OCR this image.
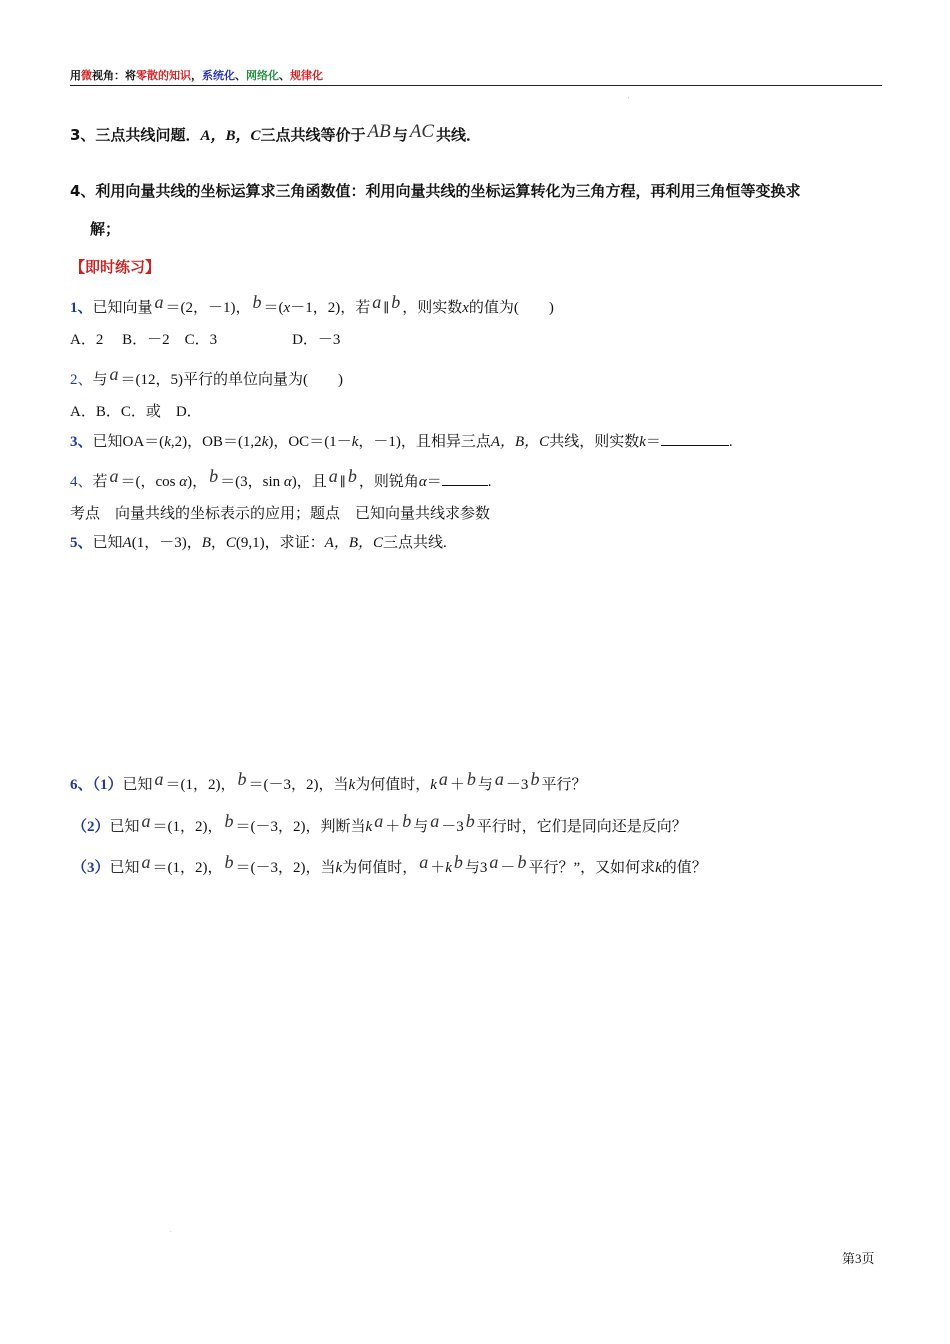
用微视角：将零散的知识，系统化、网络化、规律化
'
3、三点共线问题．A，B，C三点共线等价于 AB 与 AC 共线．
4、利用向量共线的坐标运算求三角函数值：利用向量共线的坐标运算转化为三角方程，再利用三角恒等变换求
解；
【即时练习】
1、已知向量 a ＝(2，－1)， b ＝(x－1，2)，若 a ∥ b ，则实数x的值为(　　)
A．2　 B．－2　C．3　　　　　D．－3
2、与 a ＝(12，5)平行的单位向量为(　　)
A．B．C．或　D．
3、已知OA＝(k,2)，OB＝(1,2k)，OC＝(1－k，－1)，且相异三点A，B，C共线，则实数k＝	.
4、若 a ＝(，cos α)， b ＝(3，sin α)，且 a ∥ b ，则锐角α＝	.
考点　向量共线的坐标表示的应用；题点　已知向量共线求参数
5、已知A(1，－3)，B，C(9,1)，求证：A，B，C三点共线.
6、（1）已知 a ＝(1，2)， b ＝(－3，2)，当k为何值时，k a ＋ b 与 a －3 b 平行？
（2）已知 a ＝(1，2)， b ＝(－3，2)，判断当k a ＋ b 与 a －3 b 平行时，它们是同向还是反向？
（3）已知 a ＝(1，2)， b ＝(－3，2)，当k为何值时， a ＋k b 与3 a － b 平行？”，又如何求k的值？
.
第3页
